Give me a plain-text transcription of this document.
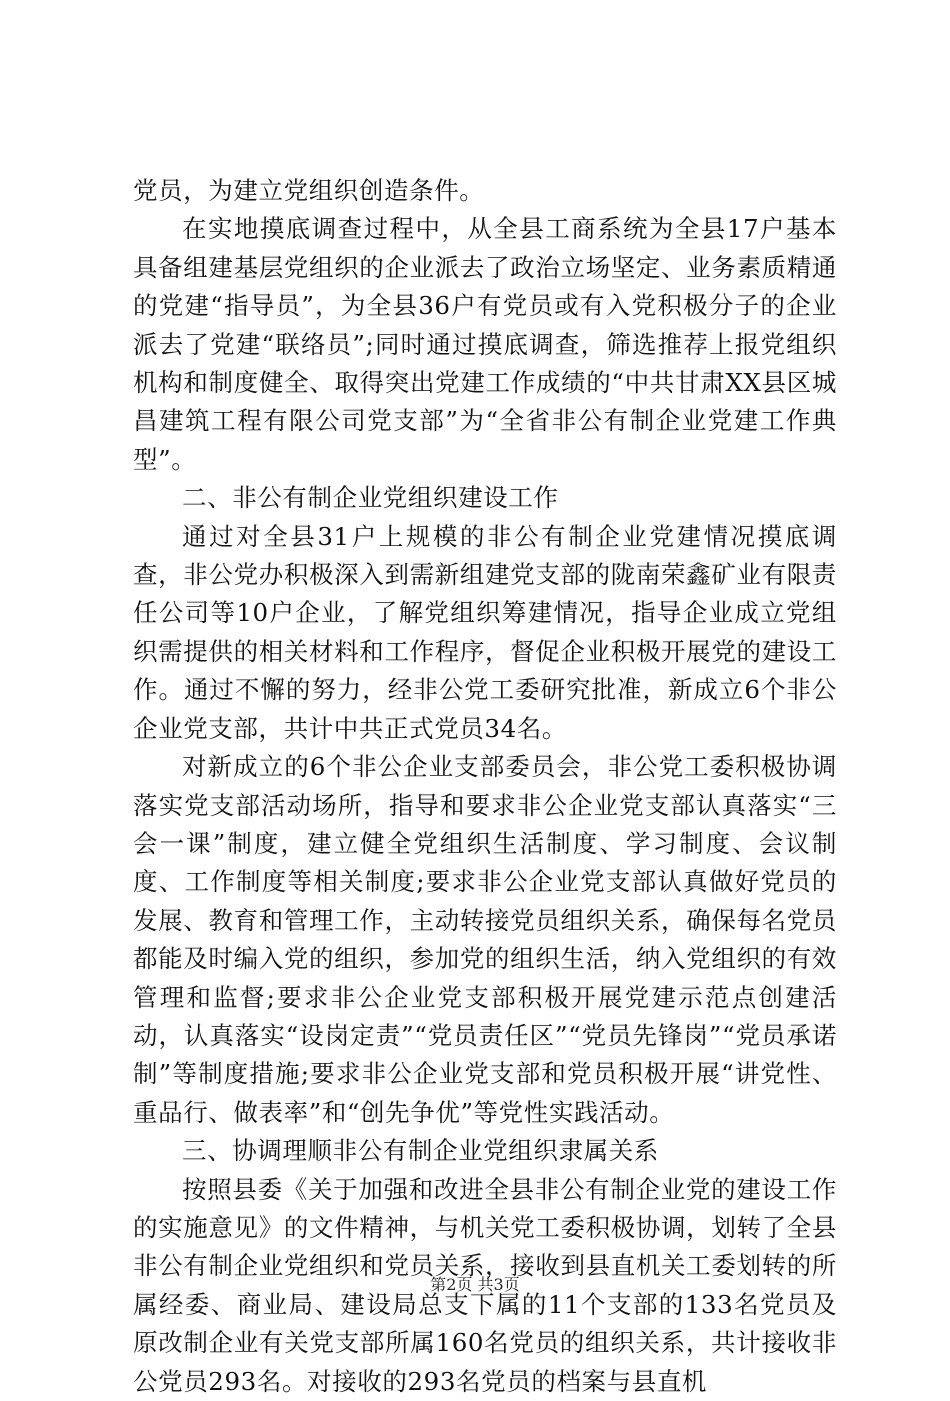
党员，为建立党组织创造条件。

在实地摸底调查过程中，从全县工商系统为全县17户基本具备组建基层党组织的企业派去了政治立场坚定、业务素质精通的党建“指导员”，为全县36户有党员或有入党积极分子的企业派去了党建“联络员”;同时通过摸底调查，筛选推荐上报党组织机构和制度健全、取得突出党建工作成绩的“中共甘肃XX县区城昌建筑工程有限公司党支部”为“全省非公有制企业党建工作典型”。

二、非公有制企业党组织建设工作

通过对全县31户上规模的非公有制企业党建情况摸底调查，非公党办积极深入到需新组建党支部的陇南荣鑫矿业有限责任公司等10户企业，了解党组织筹建情况，指导企业成立党组织需提供的相关材料和工作程序，督促企业积极开展党的建设工作。通过不懈的努力，经非公党工委研究批准，新成立6个非公企业党支部，共计中共正式党员34名。

对新成立的6个非公企业支部委员会，非公党工委积极协调落实党支部活动场所，指导和要求非公企业党支部认真落实“三会一课”制度，建立健全党组织生活制度、学习制度、会议制度、工作制度等相关制度;要求非公企业党支部认真做好党员的发展、教育和管理工作，主动转接党员组织关系，确保每名党员都能及时编入党的组织，参加党的组织生活，纳入党组织的有效管理和监督;要求非公企业党支部积极开展党建示范点创建活动，认真落实“设岗定责”“党员责任区”“党员先锋岗”“党员承诺制”等制度措施;要求非公企业党支部和党员积极开展“讲党性、重品行、做表率”和“创先争优”等党性实践活动。

三、协调理顺非公有制企业党组织隶属关系

按照县委《关于加强和改进全县非公有制企业党的建设工作的实施意见》的文件精神，与机关党工委积极协调，划转了全县非公有制企业党组织和党员关系，接收到县直机关工委划转的所属经委、商业局、建设局总支下属的11个支部的133名党员及原改制企业有关党支部所属160名党员的组织关系，共计接收非公党员293名。对接收的293名党员的档案与县直机

第2页 共3页
